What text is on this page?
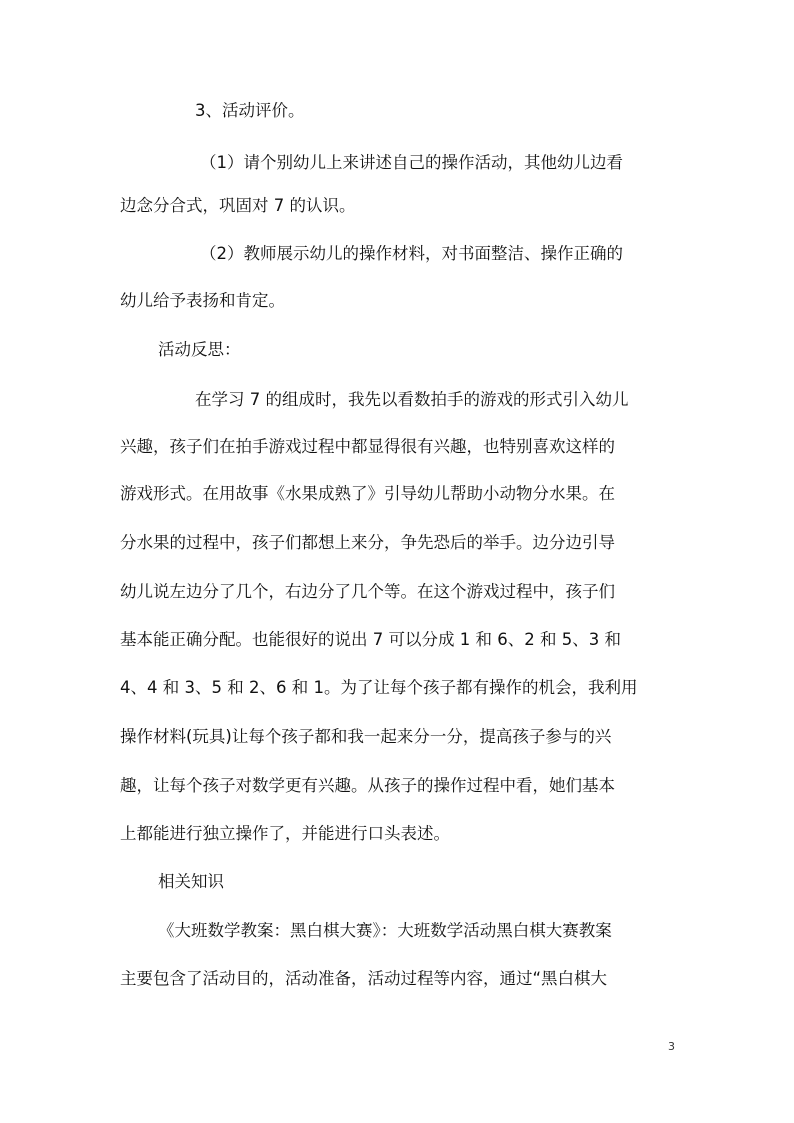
3、活动评价。
（1）请个别幼儿上来讲述自己的操作活动，其他幼儿边看
边念分合式，巩固对 7 的认识。
（2）教师展示幼儿的操作材料，对书面整洁、操作正确的
幼儿给予表扬和肯定。
活动反思：
在学习 7 的组成时，我先以看数拍手的游戏的形式引入幼儿
兴趣，孩子们在拍手游戏过程中都显得很有兴趣，也特别喜欢这样的
游戏形式。在用故事《水果成熟了》引导幼儿帮助小动物分水果。在
分水果的过程中，孩子们都想上来分，争先恐后的举手。边分边引导
幼儿说左边分了几个，右边分了几个等。在这个游戏过程中，孩子们
基本能正确分配。也能很好的说出 7 可以分成 1 和 6、2 和 5、3 和
4、4 和 3、5 和 2、6 和 1。为了让每个孩子都有操作的机会，我利用
操作材料(玩具)让每个孩子都和我一起来分一分，提高孩子参与的兴
趣，让每个孩子对数学更有兴趣。从孩子的操作过程中看，她们基本
上都能进行独立操作了，并能进行口头表述。
相关知识
《大班数学教案：黑白棋大赛》：大班数学活动黑白棋大赛教案
主要包含了活动目的，活动准备，活动过程等内容，通过“黑白棋大
3
